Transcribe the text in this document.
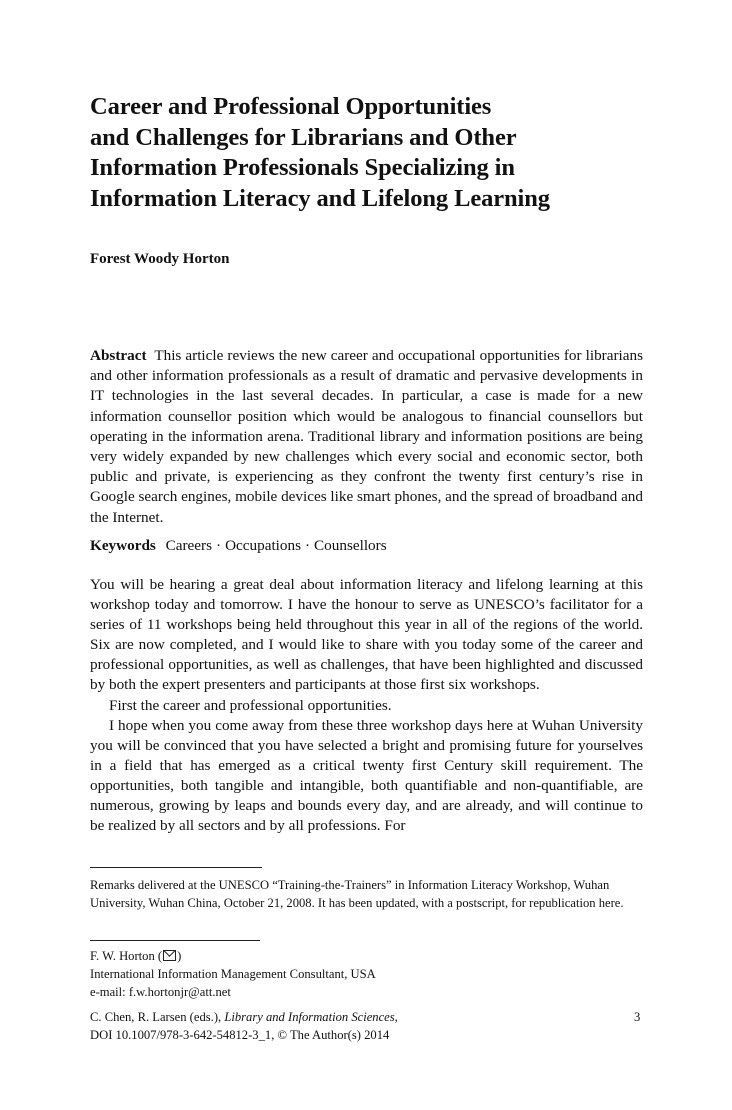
Career and Professional Opportunities
and Challenges for Librarians and Other
Information Professionals Specializing in
Information Literacy and Lifelong Learning
Forest Woody Horton
Abstract This article reviews the new career and occupational opportunities for librarians and other information professionals as a result of dramatic and pervasive developments in IT technologies in the last several decades. In particular, a case is made for a new information counsellor position which would be analogous to financial counsellors but operating in the information arena. Traditional library and information positions are being very widely expanded by new challenges which every social and economic sector, both public and private, is experiencing as they confront the twenty first century’s rise in Google search engines, mobile devices like smart phones, and the spread of broadband and the Internet.
Keywords Careers · Occupations · Counsellors

You will be hearing a great deal about information literacy and lifelong learning at this workshop today and tomorrow. I have the honour to serve as UNESCO’s facilitator for a series of 11 workshops being held throughout this year in all of the regions of the world. Six are now completed, and I would like to share with you today some of the career and professional opportunities, as well as challenges, that have been highlighted and discussed by both the expert presenters and participants at those first six workshops.

First the career and professional opportunities.

I hope when you come away from these three workshop days here at Wuhan University you will be convinced that you have selected a bright and promising future for yourselves in a field that has emerged as a critical twenty first Century skill requirement. The opportunities, both tangible and intangible, both quantifiable and non-quantifiable, are numerous, growing by leaps and bounds every day, and are already, and will continue to be realized by all sectors and by all professions. For

Remarks delivered at the UNESCO “Training-the-Trainers” in Information Literacy Workshop, Wuhan University, Wuhan China, October 21, 2008. It has been updated, with a postscript, for republication here.
F. W. Horton ( )
International Information Management Consultant, USA
e-mail: f.w.hortonjr@att.net
C. Chen, R. Larsen (eds.), Library and Information Sciences,
DOI 10.1007/978-3-642-54812-3_1, © The Author(s) 2014
3
